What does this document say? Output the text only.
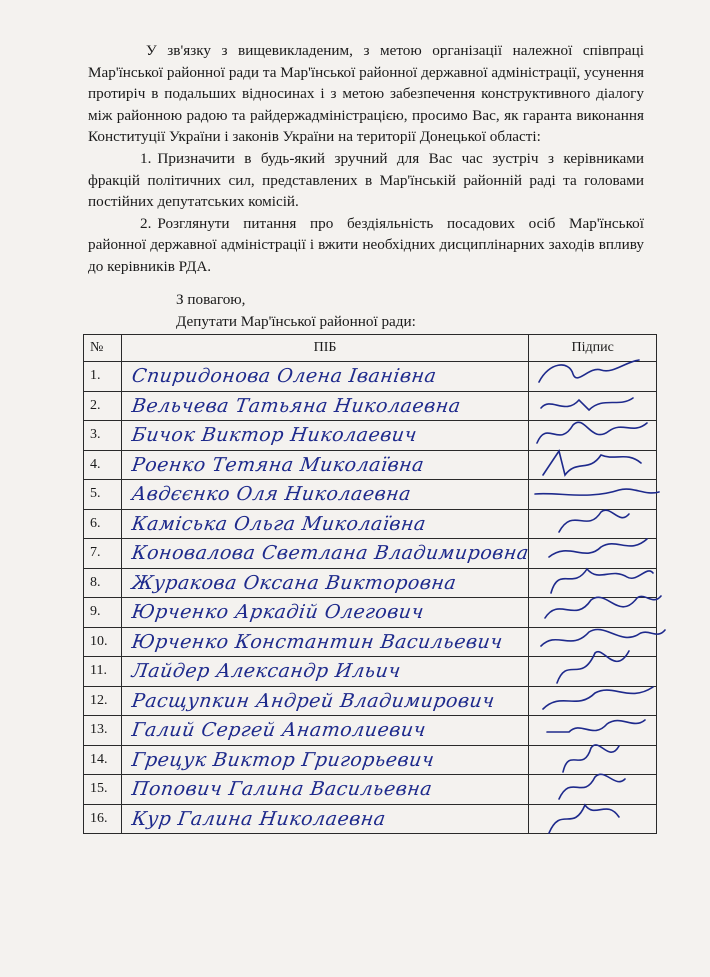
У зв'язку з вищевикладеним, з метою організації належної співпраці Мар'їнської районної ради та Мар'їнської районної державної адміністрації, усунення протиріч в подальших відносинах і з метою забезпечення конструктивного діалогу між районною радою та райдержадміністрацією, просимо Вас, як гаранта виконання Конституції України і законів України на території Донецької області:

1. Призначити в будь-який зручний для Вас час зустріч з керівниками фракцій політичних сил, представлених в Мар'їнській районній раді та головами постійних депутатських комісій.

2. Розглянути питання про бездіяльність посадових осіб Мар'їнської районної державної адміністрації і вжити необхідних дисциплінарних заходів впливу до керівників РДА.

З повагою,
Депутати Мар'їнської районної ради:
№	ПІБ	Підпис
1.	Спиридонова Олена Іванівна

2.	Вельчева Татьяна Николаевна

3.	Бичок Виктор Николаевич

4.	Роенко Тетяна Миколаївна

5.	Авдєєнко Оля Николаевна

6.	Каміська Ольга Миколаївна

7.	Коновалова Светлана Владимировна

8.	Журакова Оксана Викторовна

9.	Юрченко Аркадій Олегович

10.	Юрченко Константин Васильевич

11.	Лайдер Александр Ильич

12.	Расщупкин Андрей Владимирович

13.	Галий Сергей Анатолиевич

14.	Грецук Виктор Григорьевич

15.	Попович Галина Васильевна

16.	Кур Галина Николаевна
